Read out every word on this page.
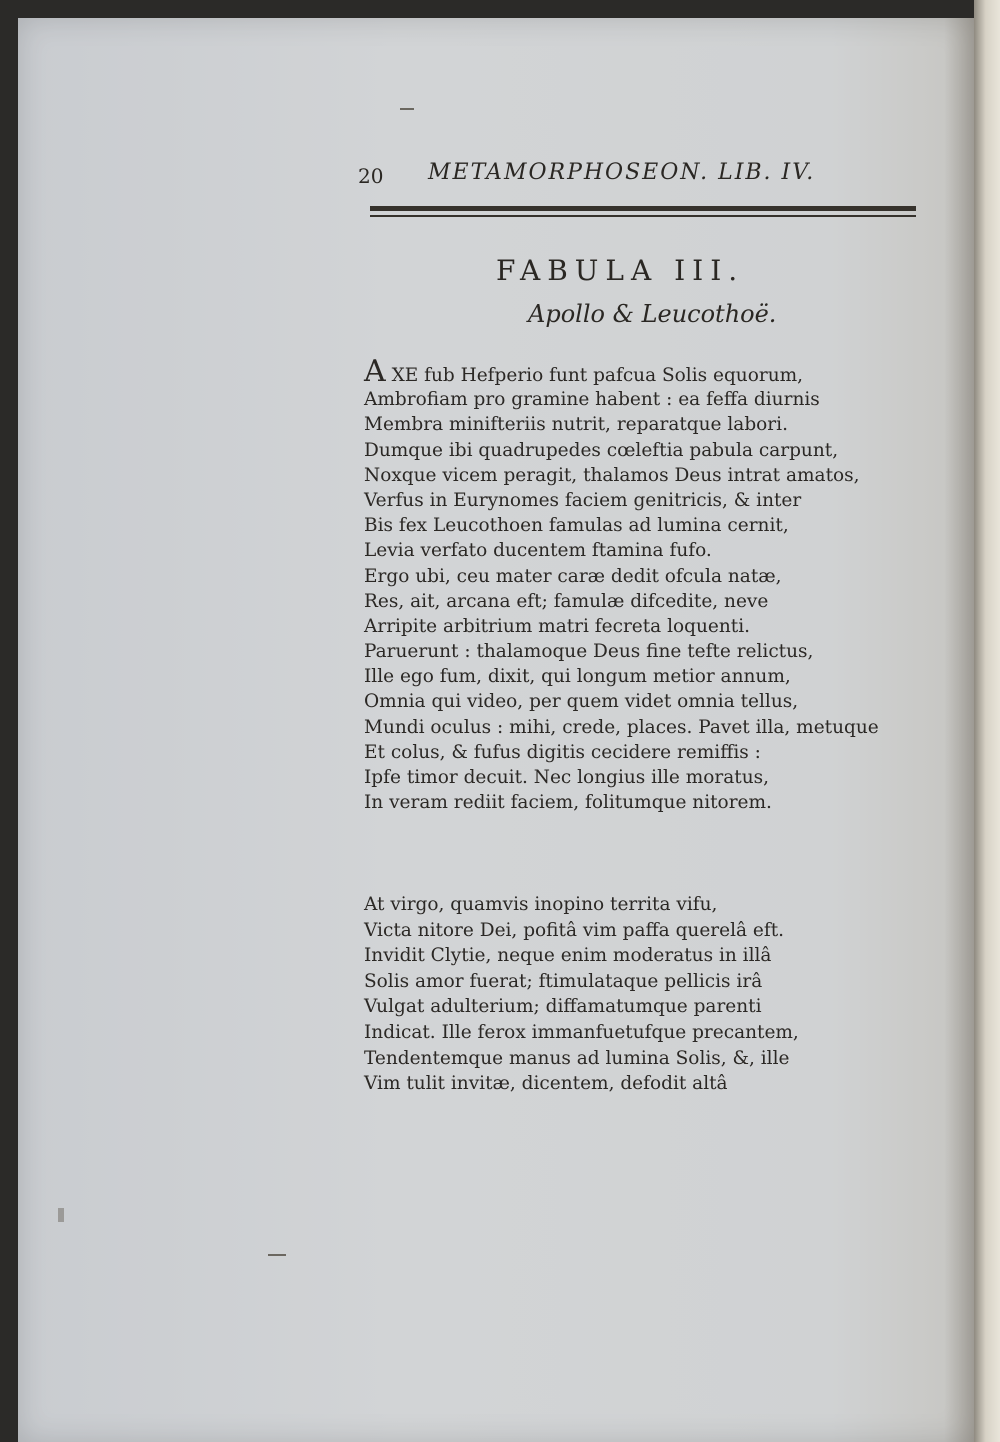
20 METAMORPHOSEON. LIB. IV.
FABULA III.
Apollo & Leucothoë.
A XE fub Hefperio funt pafcua Solis equorum,
Ambrofiam pro gramine habent : ea feffa diurnis
Membra minifteriis nutrit, reparatque labori.
Dumque ibi quadrupedes cœleftia pabula carpunt,
Noxque vicem peragit, thalamos Deus intrat amatos,
Verfus in Eurynomes faciem genitricis, & inter
Bis fex Leucothoen famulas ad lumina cernit,
Levia verfato ducentem ftamina fufo.
Ergo ubi, ceu mater caræ dedit ofcula natæ,
Res, ait, arcana eft; famulæ difcedite, neve
Arripite arbitrium matri fecreta loquenti.
Paruerunt : thalamoque Deus fine tefte relictus,
Ille ego fum, dixit, qui longum metior annum,
Omnia qui video, per quem videt omnia tellus,
Mundi oculus : mihi, crede, places. Pavet illa, metuque
Et colus, & fufus digitis cecidere remiffis :
Ipfe timor decuit. Nec longius ille moratus,
In veram rediit faciem, folitumque nitorem.
At virgo, quamvis inopino territa vifu,
Victa nitore Dei, pofitâ vim paffa querelâ eft.
Invidit Clytie, neque enim moderatus in illâ
Solis amor fuerat; ftimulataque pellicis irâ
Vulgat adulterium; diffamatumque parenti
Indicat. Ille ferox immanfuetufque precantem,
Tendentemque manus ad lumina Solis, &, ille
Vim tulit invitæ, dicentem, defodit altâ
